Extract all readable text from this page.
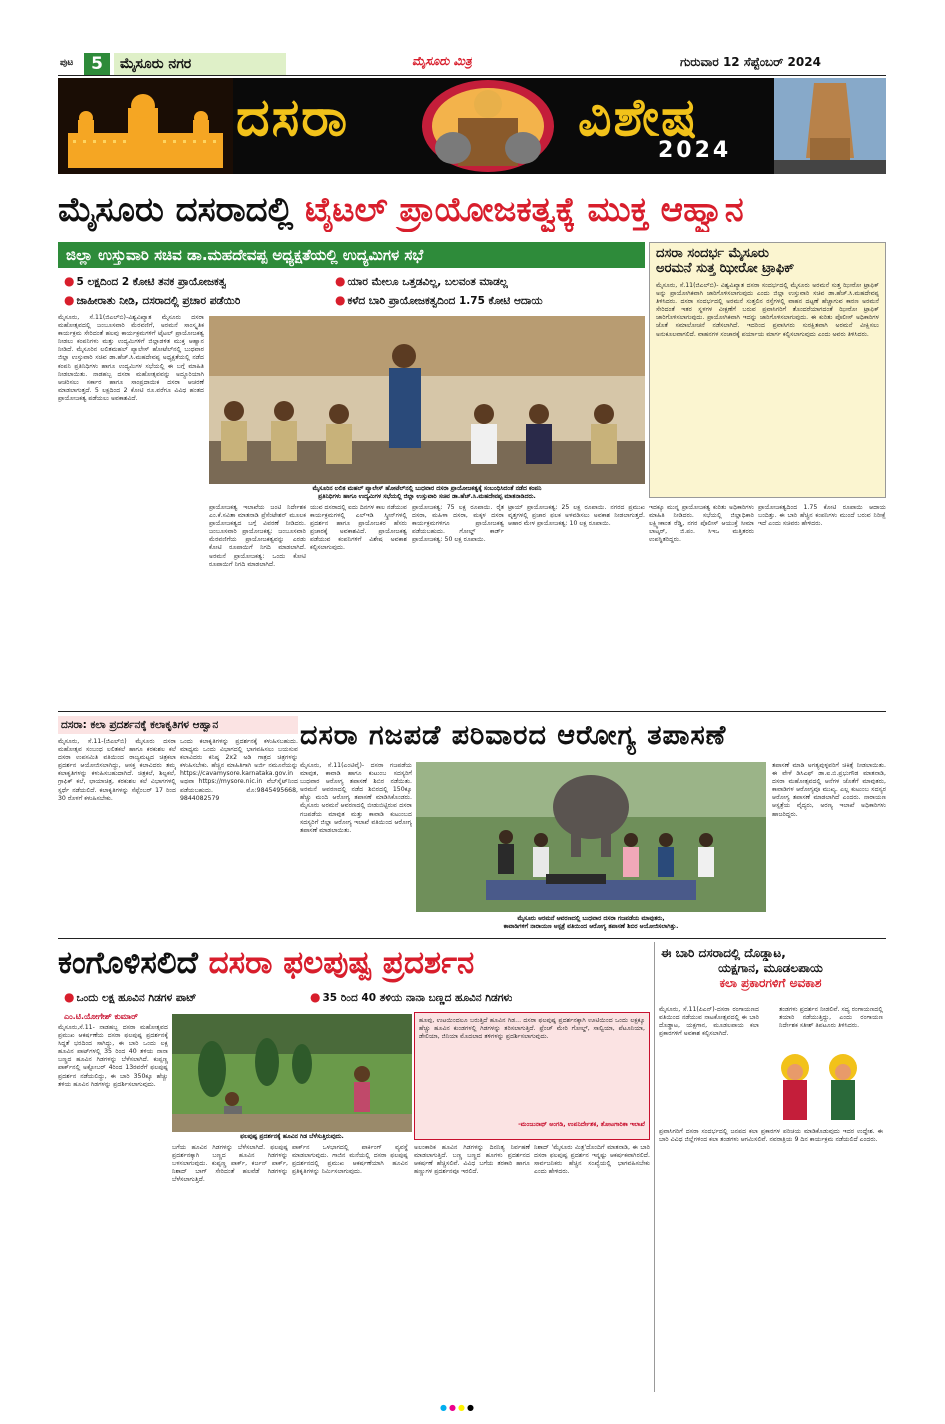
ಪುಟ	5	ಮೈಸೂರು ನಗರ	ಮೈಸೂರು ಮಿತ್ರ	ಗುರುವಾರ 12 ಸೆಪ್ಟೆಂಬರ್ 2024
ದಸರಾ	ವಿಶೇಷ
2024
ಮೈಸೂರು ದಸರಾದಲ್ಲಿ ಟೈಟಲ್ ಪ್ರಾಯೋಜಕತ್ವಕ್ಕೆ ಮುಕ್ತ ಆಹ್ವಾನ
ಜಿಲ್ಲಾ ಉಸ್ತುವಾರಿ ಸಚಿವ ಡಾ.ಮಹದೇವಪ್ಪ ಅಧ್ಯಕ್ಷತೆಯಲ್ಲಿ ಉದ್ಯಮಿಗಳ ಸಭೆ
● 5 ಲಕ್ಷದಿಂದ 2 ಕೋಟಿ ತನಕ ಪ್ರಾಯೋಜಕತ್ವ	● ಯಾರ ಮೇಲೂ ಒತ್ತಡವಿಲ್ಲ, ಬಲವಂತ ಮಾಡಲ್ಲ
● ಜಾಹೀರಾತು ನೀಡಿ, ದಸರಾದಲ್ಲಿ ಪ್ರಚಾರ ಪಡೆಯಿರಿ	● ಕಳೆದ ಬಾರಿ ಪ್ರಾಯೋಜಕತ್ವದಿಂದ 1.75 ಕೋಟಿ ಆದಾಯ

ಮೈಸೂರು, ಸೆ.11(ಜಿಎಲ್‌ಬಿ)-ವಿಶ್ವವಿಖ್ಯಾತ ಮೈಸೂರು ದಸರಾ ಮಹೋತ್ಸವದಲ್ಲಿ ಜಂಬೂಸವಾರಿ ಮೆರವಣಿಗೆ, ಅರಮನೆ ಸಾಂಸ್ಕೃತಿಕ ಕಾರ್ಯಕ್ರಮ ಸೇರಿದಂತೆ ಹಲವು ಕಾರ್ಯಕ್ರಮಗಳಿಗೆ ಟೈಟಲ್ ಪ್ರಾಯೋಜಕತ್ವ ನೀಡಲು ಕಂಪನಿಗಳು ಮತ್ತು ಉದ್ಯಮಿಗಳಿಗೆ ಜಿಲ್ಲಾಡಳಿತ ಮುಕ್ತ ಆಹ್ವಾನ ನೀಡಿದೆ. ಮೈಸೂರಿನ ಲಲಿತಮಹಲ್ ಪ್ಯಾಲೇಸ್ ಹೋಟೆಲ್‌ನಲ್ಲಿ ಬುಧವಾರ ಜಿಲ್ಲಾ ಉಸ್ತುವಾರಿ ಸಚಿವ ಡಾ.ಹೆಚ್.ಸಿ.ಮಹದೇವಪ್ಪ ಅಧ್ಯಕ್ಷತೆಯಲ್ಲಿ ನಡೆದ ಕಂಪನಿ ಪ್ರತಿನಿಧಿಗಳು ಹಾಗೂ ಉದ್ಯಮಿಗಳ ಸಭೆಯಲ್ಲಿ ಈ ಬಗ್ಗೆ ಮಾಹಿತಿ ನೀಡಲಾಯಿತು. ನಾಡಹಬ್ಬ ದಸರಾ ಮಹೋತ್ಸವವನ್ನು ಅದ್ದೂರಿಯಾಗಿ ಆಚರಿಸಲು ಸರ್ಕಾರ ಹಾಗೂ ಸಾಂಪ್ರದಾಯಿಕ ದಸರಾ ಆಚರಣೆ ಮಾಡಲಾಗುತ್ತದೆ. 5 ಲಕ್ಷದಿಂದ 2 ಕೋಟಿ ರೂ.ವರೆಗೂ ವಿವಿಧ ಹಂತದ ಪ್ರಾಯೋಜಕತ್ವ ಪಡೆಯಲು ಅವಕಾಶವಿದೆ.

ಮೈಸೂರಿನ ಲಲಿತ ಮಹಲ್ ಪ್ಯಾಲೇಸ್ ಹೋಟೆಲ್‌ನಲ್ಲಿ ಬುಧವಾರ ದಸರಾ ಪ್ರಾಯೋಜಕತ್ವಕ್ಕೆ ಸಂಬಂಧಿಸಿದಂತೆ ನಡೆದ ಕಂಪನಿ
ಪ್ರತಿನಿಧಿಗಳು ಹಾಗೂ ಉದ್ಯಮಿಗಳ ಸಭೆಯಲ್ಲಿ ಜಿಲ್ಲಾ ಉಸ್ತುವಾರಿ ಸಚಿವ ಡಾ.ಹೆಚ್.ಸಿ.ಮಹದೇವಪ್ಪ ಮಾತನಾಡಿದರು.

ಪ್ರಾಯೋಜಕತ್ವ ಇಲಾಖೆಯ ಜಂಟಿ ನಿರ್ದೇಶಕ ಎಂ.ಕೆ.ಸವಿತಾ ಮಾತನಾಡಿ ಪ್ರೆಸೆಂಟೇಶನ್ ಮೂಲಕ ಪ್ರಾಯೋಜಕತ್ವದ ಬಗ್ಗೆ ವಿವರಣೆ ನೀಡಿದರು. ಜಂಬೂಸವಾರಿ ಪ್ರಾಯೋಜಕತ್ವ: ಜಂಬೂಸವಾರಿ ಮೆರವಣಿಗೆಯ ಪ್ರಾಯೋಜಕತ್ವವನ್ನು ಎರಡು ಕೋಟಿ ರೂಪಾಯಿಗೆ ನಿಗದಿ ಮಾಡಲಾಗಿದೆ. ಅರಮನೆ ಪ್ರಾಯೋಜಕತ್ವ: ಒಂದು ಕೋಟಿ ರೂಪಾಯಿಗೆ ನಿಗದಿ ಮಾಡಲಾಗಿದೆ.

ಯುವ ದಸರಾದಲ್ಲಿ ಐದು ದಿನಗಳ ಕಾಲ ನಡೆಯುವ ಕಾರ್ಯಕ್ರಮಗಳಲ್ಲಿ ಎಲ್‌ಇಡಿ ಸ್ಕ್ರೀನ್‌ಗಳಲ್ಲಿ ಪ್ರದರ್ಶನ ಹಾಗೂ ಪ್ರಾಯೋಜಕರ ಹೆಸರು ಪ್ರಚಾರಕ್ಕೆ ಅವಕಾಶವಿದೆ. ಪ್ರಾಯೋಜಕತ್ವ ಪಡೆಯುವ ಕಂಪನಿಗಳಿಗೆ ವಿಶೇಷ ಅವಕಾಶ ಕಲ್ಪಿಸಲಾಗುವುದು.

ಪ್ರಾಯೋಜಕತ್ವ: 75 ಲಕ್ಷ ರೂಪಾಯಿ. ರೈತ ದಸರಾ, ಮಹಿಳಾ ದಸರಾ, ಮಕ್ಕಳ ದಸರಾ ಕಾರ್ಯಕ್ರಮಗಳಿಗೂ ಪ್ರಾಯೋಜಕತ್ವ ಪಡೆಯಬಹುದು. ಗೋಲ್ಡ್ ಕಾರ್ಡ್ ಪ್ರಾಯೋಜಕತ್ವ: 50 ಲಕ್ಷ ರೂಪಾಯಿ.

ಟ್ರಾಯ್ ಪ್ರಾಯೋಜಕತ್ವ: 25 ಲಕ್ಷ ರೂಪಾಯಿ. ನಗರದ ಪ್ರಮುಖ ವೃತ್ತಗಳಲ್ಲಿ ಪ್ರಚಾರ ಫಲಕ ಅಳವಡಿಸಲು ಅವಕಾಶ ನೀಡಲಾಗುತ್ತದೆ. ಆಹಾರ ಮೇಳ ಪ್ರಾಯೋಜಕತ್ವ: 10 ಲಕ್ಷ ರೂಪಾಯಿ.

ಇದಕ್ಕೂ ಮುನ್ನ ಪ್ರಾಯೋಜಕತ್ವ ಕುರಿತು ಅಧಿಕಾರಿಗಳು ಮಾಹಿತಿ ನೀಡಿದರು. ಸಭೆಯಲ್ಲಿ ಜಿಲ್ಲಾಧಿಕಾರಿ ಲಕ್ಷ್ಮೀಕಾಂತ ರೆಡ್ಡಿ, ನಗರ ಪೊಲೀಸ್ ಆಯುಕ್ತೆ ಸೀಮಾ ಲಾಟ್ಕರ್, ಜಿ.ಪಂ. ಸಿಇಒ ಮತ್ತಿತರರು ಉಪಸ್ಥಿತರಿದ್ದರು.

ಪ್ರಾಯೋಜಕತ್ವದಿಂದ 1.75 ಕೋಟಿ ರೂಪಾಯಿ ಆದಾಯ ಬಂದಿತ್ತು. ಈ ಬಾರಿ ಹೆಚ್ಚಿನ ಕಂಪನಿಗಳು ಮುಂದೆ ಬರುವ ನಿರೀಕ್ಷೆ ಇದೆ ಎಂದು ಸಚಿವರು ಹೇಳಿದರು.

ದಸರಾ ಸಂದರ್ಭ ಮೈಸೂರು
ಅರಮನೆ ಸುತ್ತ ಝೀರೋ ಟ್ರಾಫಿಕ್
ಮೈಸೂರು, ಸೆ.11(ಜಿಎಲ್‌ಬಿ)- ವಿಶ್ವವಿಖ್ಯಾತ ದಸರಾ ಸಂದರ್ಭದಲ್ಲಿ ಮೈಸೂರು ಅರಮನೆ ಸುತ್ತ ಝೀರೋ ಟ್ರಾಫಿಕ್ ಅನ್ನು ಪ್ರಾಯೋಗಿಕವಾಗಿ ಜಾರಿಗೊಳಿಸಲಾಗುವುದು ಎಂದು ಜಿಲ್ಲಾ ಉಸ್ತುವಾರಿ ಸಚಿವ ಡಾ.ಹೆಚ್.ಸಿ.ಮಹದೇವಪ್ಪ ತಿಳಿಸಿದರು. ದಸರಾ ಸಂದರ್ಭದಲ್ಲಿ ಅರಮನೆ ಸುತ್ತಲಿನ ರಸ್ತೆಗಳಲ್ಲಿ ವಾಹನ ದಟ್ಟಣೆ ಹೆಚ್ಚಾಗುವ ಕಾರಣ ಅರಮನೆ ಸೇರಿದಂತೆ ಇತರ ಸ್ಥಳಗಳ ವೀಕ್ಷಣೆಗೆ ಬರುವ ಪ್ರವಾಸಿಗರಿಗೆ ತೊಂದರೆಯಾಗದಂತೆ ಝೀರೋ ಟ್ರಾಫಿಕ್ ಜಾರಿಗೊಳಿಸಲಾಗುವುದು. ಪ್ರಾಯೋಗಿಕವಾಗಿ ಇದನ್ನು ಜಾರಿಗೊಳಿಸಲಾಗುವುದು. ಈ ಕುರಿತು ಪೊಲೀಸ್ ಅಧಿಕಾರಿಗಳ ಜೊತೆ ಸಮಾಲೋಚನೆ ನಡೆಸಲಾಗಿದೆ. ಇದರಿಂದ ಪ್ರವಾಸಿಗರು ಸುರಕ್ಷಿತವಾಗಿ ಅರಮನೆ ವೀಕ್ಷಿಸಲು ಅನುಕೂಲವಾಗಲಿದೆ. ವಾಹನಗಳ ಸಂಚಾರಕ್ಕೆ ಪರ್ಯಾಯ ಮಾರ್ಗ ಕಲ್ಪಿಸಲಾಗುವುದು ಎಂದು ಅವರು ತಿಳಿಸಿದರು.
ದಸರಾ: ಕಲಾ ಪ್ರದರ್ಶನಕ್ಕೆ ಕಲಾಕೃತಿಗಳ ಆಹ್ವಾನ

ಮೈಸೂರು, ಸೆ.11-(ಜಿಎಲ್‌ಬಿ) ಮೈಸೂರು ದಸರಾ ಮಹೋತ್ಸವ ಸಂಬಂಧ ಲಲಿತಕಲೆ ಹಾಗೂ ಕರಕುಶಲ ಕಲೆ ದಸರಾ ಉಪಸಮಿತಿ ವತಿಯಿಂದ ರಾಜ್ಯಮಟ್ಟದ ಚಿತ್ರಕಲಾ ಪ್ರದರ್ಶನ ಆಯೋಜಿಸಲಾಗಿದ್ದು, ಆಸಕ್ತ ಕಲಾವಿದರು ತಮ್ಮ ಕಲಾಕೃತಿಗಳನ್ನು ಕಳುಹಿಸಬಹುದಾಗಿದೆ. ಚಿತ್ರಕಲೆ, ಶಿಲ್ಪಕಲೆ, ಗ್ರಾಫಿಕ್ ಕಲೆ, ಛಾಯಾಚಿತ್ರ, ಕರಕುಶಲ ಕಲೆ ವಿಭಾಗಗಳಲ್ಲಿ ಸ್ಪರ್ಧೆ ನಡೆಯಲಿದೆ. ಕಲಾಕೃತಿಗಳನ್ನು ಸೆಪ್ಟೆಂಬರ್ 17 ರಿಂದ 30 ರೊಳಗೆ ಕಳುಹಿಸಬೇಕು.

ಒಂದು ಕಲಾಕೃತಿಗಳನ್ನು ಪ್ರದರ್ಶನಕ್ಕೆ ಕಳುಹಿಸಬಹುದು. ಮಾಧ್ಯಮ ಒಂದು ವಿಭಾಗದಲ್ಲಿ ಭಾಗವಹಿಸಲು ಬಯಸುವ ಕಲಾವಿದರು ಕನಿಷ್ಠ 2x2 ಅಡಿ ಗಾತ್ರದ ಚಿತ್ರಗಳನ್ನು ಕಳುಹಿಸಬೇಕು. ಹೆಚ್ಚಿನ ಮಾಹಿತಿಗಾಗಿ ಅರ್ಜಿ ನಮೂನೆಯನ್ನು https://cavamysore.karnataka.gov.in ಅಥವಾ https://mysore.nic.in ವೆಬ್‌ಸೈಟ್‌ನಿಂದ ಪಡೆಯಬಹುದು. ಮೊ:9845495668, 9844082579

ದಸರಾ ಗಜಪಡೆ ಪರಿವಾರದ ಆರೋಗ್ಯ ತಪಾಸಣೆ

ಮೈಸೂರು, ಸೆ.11(ಎಂಟಿವೈ)- ದಸರಾ ಗಜಪಡೆಯ ಮಾವುತ, ಕಾವಾಡಿ ಹಾಗೂ ಕುಟುಂಬ ಸದಸ್ಯರಿಗೆ ಬುಧವಾರ ಆರೋಗ್ಯ ತಪಾಸಣೆ ಶಿಬಿರ ನಡೆಯಿತು. ಅರಮನೆ ಆವರಣದಲ್ಲಿ ನಡೆದ ಶಿಬಿರದಲ್ಲಿ 150ಕ್ಕೂ ಹೆಚ್ಚು ಮಂದಿ ಆರೋಗ್ಯ ತಪಾಸಣೆ ಮಾಡಿಸಿಕೊಂಡರು. ಮೈಸೂರು ಅರಮನೆ ಆವರಣದಲ್ಲಿ ಬೀಡುಬಿಟ್ಟಿರುವ ದಸರಾ ಗಜಪಡೆಯ ಮಾವುತ ಮತ್ತು ಕಾವಾಡಿ ಕುಟುಂಬದ ಸದಸ್ಯರಿಗೆ ಜಿಲ್ಲಾ ಆರೋಗ್ಯ ಇಲಾಖೆ ವತಿಯಿಂದ ಆರೋಗ್ಯ ತಪಾಸಣೆ ಮಾಡಲಾಯಿತು.

ಮೈಸೂರು ಅರಮನೆ ಆವರಣದಲ್ಲಿ ಬುಧವಾರ ದಸರಾ ಗಜಪಡೆಯ ಮಾವುತರು,
ಕಾವಾಡಿಗಳಿಗೆ ನಾರಾಯಣ ಆಸ್ಪತ್ರೆ ವತಿಯಿಂದ ಆರೋಗ್ಯ ತಪಾಸಣೆ ಶಿಬಿರ ಆಯೋಜಿಸಲಾಗಿತ್ತು.

ತಪಾಸಣೆ ಮಾಡಿ ಅಗತ್ಯವುಳ್ಳವರಿಗೆ ಚಿಕಿತ್ಸೆ ನೀಡಲಾಯಿತು. ಈ ವೇಳೆ ಡಿಸಿಎಫ್ ಡಾ.ಐ.ಬಿ.ಪ್ರಭುಗೌಡ ಮಾತನಾಡಿ, ದಸರಾ ಮಹೋತ್ಸವದಲ್ಲಿ ಆನೆಗಳ ಜೊತೆಗೆ ಮಾವುತರು, ಕಾವಾಡಿಗಳ ಆರೋಗ್ಯವೂ ಮುಖ್ಯ. ಎಲ್ಲ ಕುಟುಂಬ ಸದಸ್ಯರ ಆರೋಗ್ಯ ತಪಾಸಣೆ ಮಾಡಲಾಗಿದೆ ಎಂದರು. ನಾರಾಯಣ ಆಸ್ಪತ್ರೆಯ ವೈದ್ಯರು, ಅರಣ್ಯ ಇಲಾಖೆ ಅಧಿಕಾರಿಗಳು ಹಾಜರಿದ್ದರು.

ಕಂಗೊಳಿಸಲಿದೆ ದಸರಾ ಫಲಪುಷ್ಪ ಪ್ರದರ್ಶನ
● ಒಂದು ಲಕ್ಷ ಹೂವಿನ ಗಿಡಗಳ ಪಾಟ್	● 35 ರಿಂದ 40 ತಳಿಯ ನಾನಾ ಬಣ್ಣದ ಹೂವಿನ ಗಿಡಗಳು
ಎಂ.ಟಿ.ಯೋಗೇಶ್ ಕುಮಾರ್

ಮೈಸೂರು,ಸೆ.11- ನಾಡಹಬ್ಬ ದಸರಾ ಮಹೋತ್ಸವದ ಪ್ರಮುಖ ಆಕರ್ಷಣೆಯ ದಸರಾ ಫಲಪುಷ್ಪ ಪ್ರದರ್ಶನಕ್ಕೆ ಸಿದ್ಧತೆ ಭರದಿಂದ ಸಾಗಿದ್ದು, ಈ ಬಾರಿ ಒಂದು ಲಕ್ಷ ಹೂವಿನ ಪಾಟ್‌ಗಳಲ್ಲಿ 35 ರಿಂದ 40 ತಳಿಯ ನಾನಾ ಬಣ್ಣದ ಹೂವಿನ ಗಿಡಗಳನ್ನು ಬೆಳೆಸಲಾಗಿದೆ. ಕುಪ್ಪಣ್ಣ ಪಾರ್ಕ್‌ನಲ್ಲಿ ಅಕ್ಟೋಬರ್ 4ರಿಂದ 13ರವರೆಗೆ ಫಲಪುಷ್ಪ ಪ್ರದರ್ಶನ ನಡೆಯಲಿದ್ದು, ಈ ಬಾರಿ 350ಕ್ಕೂ ಹೆಚ್ಚು ತಳಿಯ ಹೂವಿನ ಗಿಡಗಳನ್ನು ಪ್ರದರ್ಶಿಸಲಾಗುವುದು.

ಫಲಪುಷ್ಪ ಪ್ರದರ್ಶನಕ್ಕೆ ಹೂವಿನ ಗಿಡ ಬೆಳೆಸುತ್ತಿರುವುದು.

ಬಗೆಯ ಹೂವಿನ ಗಿಡಗಳನ್ನು ಬೆಳೆಸಲಾಗಿದೆ. ಫಲಪುಷ್ಪ ಪ್ರದರ್ಶನಕ್ಕಾಗಿ ಬಣ್ಣದ ಹೂವಿನ ಗಿಡಗಳನ್ನು ಬಳಸಲಾಗುವುದು. ಕುಪ್ಪಣ್ಣ ಪಾರ್ಕ್, ಕರ್ಜನ್ ಪಾರ್ಕ್, ನಿಶಾದ್ ಬಾಗ್ ಸೇರಿದಂತೆ ಹಲವೆಡೆ ಗಿಡಗಳನ್ನು ಬೆಳೆಸಲಾಗುತ್ತಿದೆ.

ಪಾರ್ಕ್‌ನ ಒಳಭಾಗದಲ್ಲಿ ಪಾರ್ಕಿಂಗ್ ವ್ಯವಸ್ಥೆ ಮಾಡಲಾಗುವುದು. ಗಾಜಿನ ಮನೆಯಲ್ಲಿ ದಸರಾ ಫಲಪುಷ್ಪ ಪ್ರದರ್ಶನದಲ್ಲಿ ಪ್ರಮುಖ ಆಕರ್ಷಣೆಯಾಗಿ ಹೂವಿನ ಪ್ರತಿಕೃತಿಗಳನ್ನು ನಿರ್ಮಿಸಲಾಗುವುದು.

ಹೂವು, ಉಟಯಿಂದಲೂ ಬರುತ್ತಿದೆ ಹೂವಿನ ಗಿಡ... ದಸರಾ ಫಲಪುಷ್ಪ ಪ್ರದರ್ಶನಕ್ಕಾಗಿ ಊಟಿಯಿಂದ ಒಂದು ಲಕ್ಷಕ್ಕೂ ಹೆಚ್ಚು ಹೂವಿನ ಕುಂಡಗಳಲ್ಲಿ ಗಿಡಗಳನ್ನು ತರಿಸಲಾಗುತ್ತಿದೆ. ಫ್ರೆಂಚ್ ಮೇರಿ ಗೋಲ್ಡ್, ಸಾಲ್ವಿಯಾ, ಪೆಟೂನಿಯಾ, ಡೇಲಿಯಾ, ಜಿನಿಯಾ ಮೊದಲಾದ ತಳಿಗಳನ್ನು ಪ್ರದರ್ಶಿಸಲಾಗುವುದು.
-ಮಂಜುನಾಥ್ ಅಂಗಡಿ, ಉಪನಿರ್ದೇಶಕ, ತೋಟಗಾರಿಕಾ ಇಲಾಖೆ

ಅಲಂಕಾರಿಕ ಹೂವಿನ ಗಿಡಗಳನ್ನು ದಿನನಿತ್ಯ ನಿರ್ವಹಣೆ ಮಾಡಲಾಗುತ್ತಿದೆ. ಬಣ್ಣ ಬಣ್ಣದ ಹೂಗಳು ಪ್ರದರ್ಶನದ ಆಕರ್ಷಣೆ ಹೆಚ್ಚಿಸಲಿವೆ. ವಿವಿಧ ಬಗೆಯ ತರಕಾರಿ ಹಾಗೂ ಹಣ್ಣುಗಳ ಪ್ರದರ್ಶನವೂ ಇರಲಿದೆ.

ನಿಶಾದ್ 'ಮೈಸೂರು ಮಿತ್ರ'ದೊಂದಿಗೆ ಮಾತನಾಡಿ, ಈ ಬಾರಿ ದಸರಾ ಫಲಪುಷ್ಪ ಪ್ರದರ್ಶನ ಇನ್ನಷ್ಟು ಆಕರ್ಷಕವಾಗಿರಲಿದೆ. ಸಾರ್ವಜನಿಕರು ಹೆಚ್ಚಿನ ಸಂಖ್ಯೆಯಲ್ಲಿ ಭಾಗವಹಿಸಬೇಕು ಎಂದು ಹೇಳಿದರು.

ಈ ಬಾರಿ ದಸರಾದಲ್ಲಿ ದೊಡ್ಡಾಟ,
ಯಕ್ಷಗಾನ, ಮೂಡಲಪಾಯ
ಕಲಾ ಪ್ರಕಾರಗಳಿಗೆ ಅವಕಾಶ
ಮೈಸೂರು, ಸೆ.11(ಪಿಎನ್)-ದಸರಾ ರಂಗಾಯಣದ ವತಿಯಿಂದ ನಡೆಯುವ ನಾಟಕೋತ್ಸವದಲ್ಲಿ ಈ ಬಾರಿ ದೊಡ್ಡಾಟ, ಯಕ್ಷಗಾನ, ಮೂಡಲಪಾಯ ಕಲಾ ಪ್ರಕಾರಗಳಿಗೆ ಅವಕಾಶ ಕಲ್ಪಿಸಲಾಗಿದೆ.
ತಂಡಗಳು ಪ್ರದರ್ಶನ ನೀಡಲಿವೆ. ಸದ್ಯ ರಂಗಾಯಣದಲ್ಲಿ ತಯಾರಿ ನಡೆಯುತ್ತಿದ್ದು, ಎಂದು ರಂಗಾಯಣ ನಿರ್ದೇಶಕ ಸತೀಶ್ ತಿಪಟೂರು ತಿಳಿಸಿದರು.
ಪ್ರವಾಸಿಗರಿಗೆ ದಸರಾ ಸಂದರ್ಭದಲ್ಲಿ ಜನಪದ ಕಲಾ ಪ್ರಕಾರಗಳ ಪರಿಚಯ ಮಾಡಿಕೊಡುವುದು ಇದರ ಉದ್ದೇಶ. ಈ ಬಾರಿ ವಿವಿಧ ಜಿಲ್ಲೆಗಳಿಂದ ಕಲಾ ತಂಡಗಳು ಆಗಮಿಸಲಿವೆ. ನವರಾತ್ರಿಯ 9 ದಿನ ಕಾರ್ಯಕ್ರಮ ನಡೆಯಲಿದೆ ಎಂದರು.
●●●●
